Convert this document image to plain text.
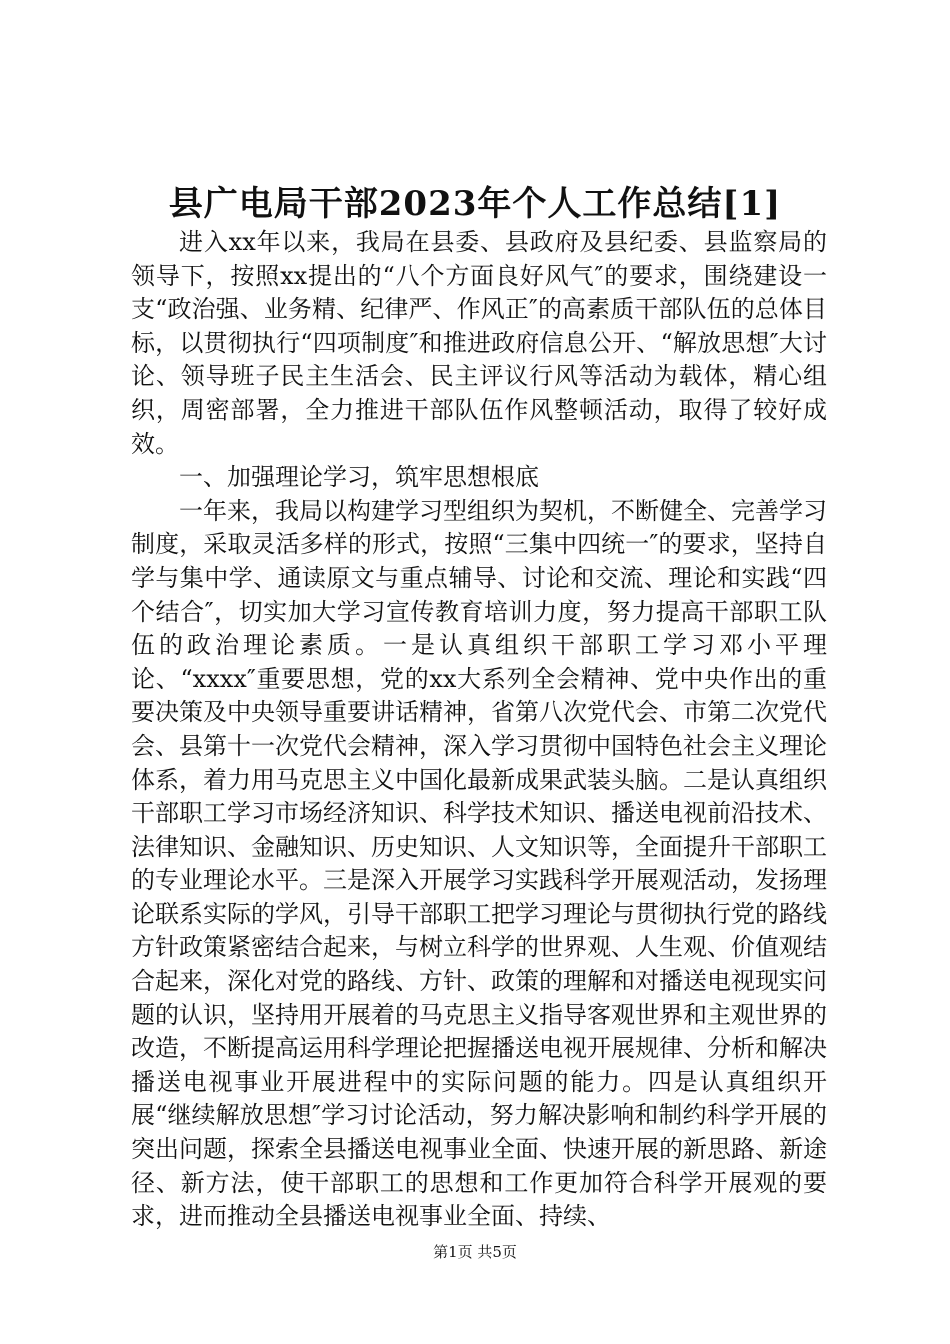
县广电局干部2023年个人工作总结[1]

进入xx年以来，我局在县委、县政府及县纪委、县监察局的领导下，按照xx提出的“八个方面良好风气″的要求，围绕建设一支“政治强、业务精、纪律严、作风正″的高素质干部队伍的总体目标，以贯彻执行“四项制度″和推进政府信息公开、“解放思想″大讨论、领导班子民主生活会、民主评议行风等活动为载体，精心组织，周密部署，全力推进干部队伍作风整顿活动，取得了较好成效。

一、加强理论学习，筑牢思想根底

一年来，我局以构建学习型组织为契机，不断健全、完善学习制度，采取灵活多样的形式，按照“三集中四统一″的要求，坚持自学与集中学、通读原文与重点辅导、讨论和交流、理论和实践“四个结合″，切实加大学习宣传教育培训力度，努力提高干部职工队伍的政治理论素质。一是认真组织干部职工学习邓小平理论、“xxxx″重要思想，党的xx大系列全会精神、党中央作出的重要决策及中央领导重要讲话精神，省第八次党代会、市第二次党代会、县第十一次党代会精神，深入学习贯彻中国特色社会主义理论体系，着力用马克思主义中国化最新成果武装头脑。二是认真组织干部职工学习市场经济知识、科学技术知识、播送电视前沿技术、法律知识、金融知识、历史知识、人文知识等，全面提升干部职工的专业理论水平。三是深入开展学习实践科学开展观活动，发扬理论联系实际的学风，引导干部职工把学习理论与贯彻执行党的路线方针政策紧密结合起来，与树立科学的世界观、人生观、价值观结合起来，深化对党的路线、方针、政策的理解和对播送电视现实问题的认识，坚持用开展着的马克思主义指导客观世界和主观世界的改造，不断提高运用科学理论把握播送电视开展规律、分析和解决播送电视事业开展进程中的实际问题的能力。四是认真组织开展“继续解放思想″学习讨论活动，努力解决影响和制约科学开展的突出问题，探索全县播送电视事业全面、快速开展的新思路、新途径、新方法，使干部职工的思想和工作更加符合科学开展观的要求，进而推动全县播送电视事业全面、持续、

第1页 共5页
